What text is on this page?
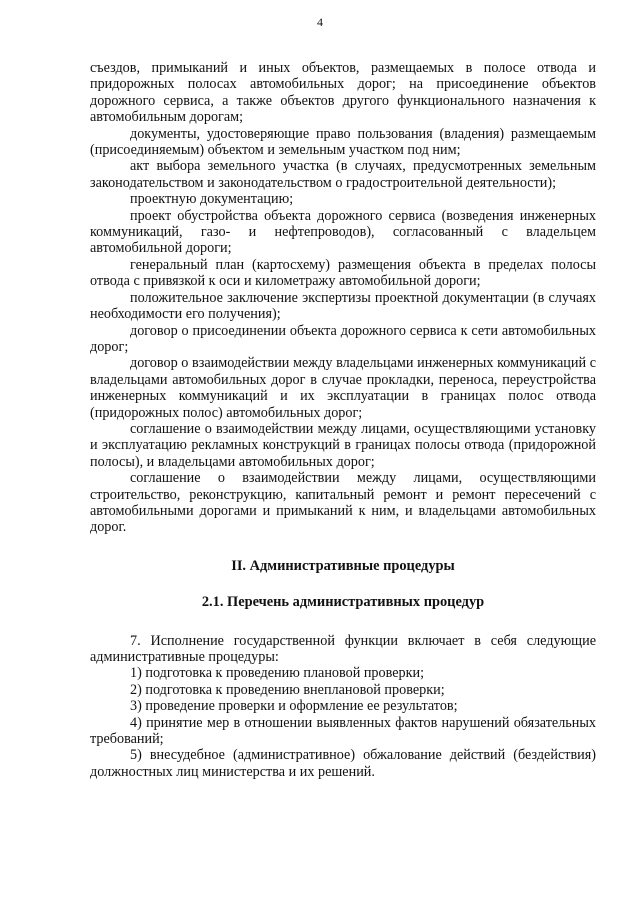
4

съездов, примыканий и иных объектов, размещаемых в полосе отвода и придорожных полосах автомобильных дорог; на присоединение объектов дорожного сервиса, а также объектов другого функционального назначения к автомобильным дорогам;

документы, удостоверяющие право пользования (владения) размещаемым (присоединяемым) объектом и земельным участком под ним;

акт выбора земельного участка (в случаях, предусмотренных земельным законодательством и законодательством о градостроительной деятельности);

проектную документацию;

проект обустройства объекта дорожного сервиса (возведения инженерных коммуникаций, газо- и нефтепроводов), согласованный с владельцем автомобильной дороги;

генеральный план (картосхему) размещения объекта в пределах полосы отвода с привязкой к оси и километражу автомобильной дороги;

положительное заключение экспертизы проектной документации (в случаях необходимости его получения);

договор о присоединении объекта дорожного сервиса к сети автомобильных дорог;

договор о взаимодействии между владельцами инженерных коммуникаций с владельцами автомобильных дорог в случае прокладки, переноса, переустройства инженерных коммуникаций и их эксплуатации в границах полос отвода (придорожных полос) автомобильных дорог;

соглашение о взаимодействии между лицами, осуществляющими установку и эксплуатацию рекламных конструкций в границах полосы отвода (придорожной полосы), и владельцами автомобильных дорог;

соглашение о взаимодействии между лицами, осуществляющими строительство, реконструкцию, капитальный ремонт и ремонт пересечений с автомобильными дорогами и примыканий к ним, и владельцами автомобильных дорог.

II. Административные процедуры

2.1. Перечень административных процедур

7. Исполнение государственной функции включает в себя следующие административные процедуры:

1) подготовка к проведению плановой проверки;

2) подготовка к проведению внеплановой проверки;

3) проведение проверки и оформление ее результатов;

4) принятие мер в отношении выявленных фактов нарушений обязательных требований;

5) внесудебное (административное) обжалование действий (бездействия) должностных лиц министерства и их решений.
